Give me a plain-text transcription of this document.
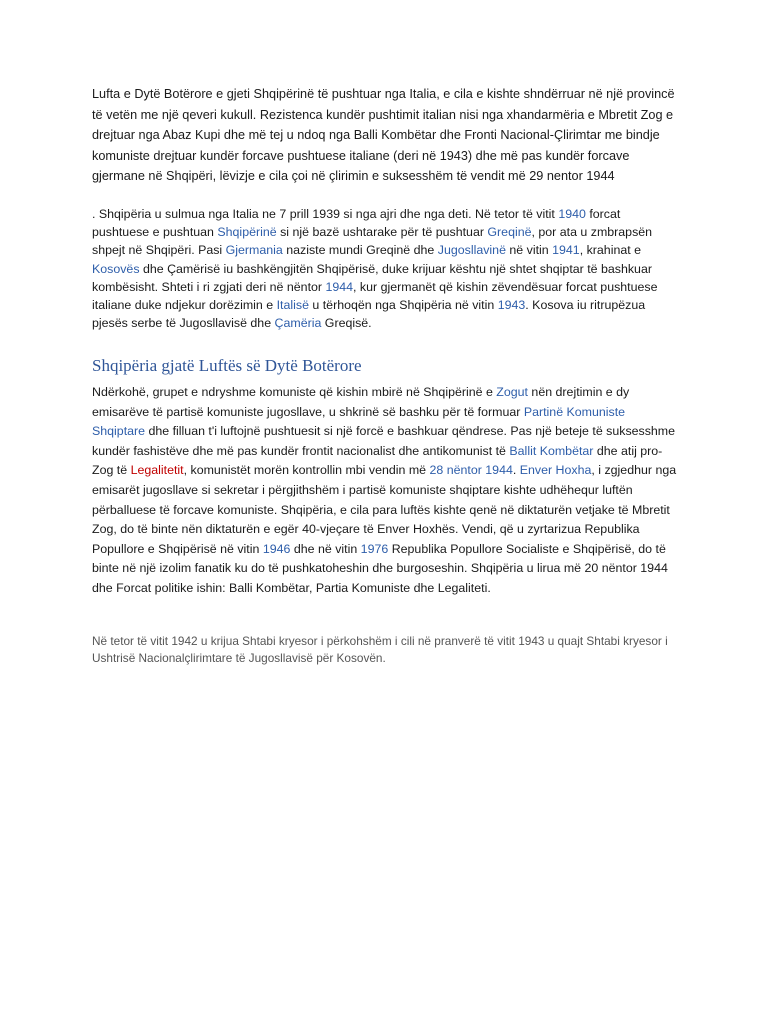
Lufta e Dytë Botërore e gjeti Shqipërinë të pushtuar nga Italia, e cila e kishte shndërruar në një provincë të vetën me një qeveri kukull. Rezistenca kundër pushtimit italian nisi nga xhandarmëria e Mbretit Zog e drejtuar nga Abaz Kupi dhe më tej u ndoq nga Balli Kombëtar dhe Fronti Nacional-Çlirimtar me bindje komuniste drejtuar kundër forcave pushtuese italiane (deri në 1943) dhe më pas kundër forcave gjermane në Shqipëri, lëvizje e cila çoi në çlirimin e suksesshëm të vendit më 29 nentor 1944

. Shqipëria u sulmua nga Italia ne 7 prill 1939 si nga ajri dhe nga deti. Në tetor të vitit 1940 forcat pushtuese e pushtuan Shqipërinë si një bazë ushtarake për të pushtuar Greqinë, por ata u zmbrapsën shpejt në Shqipëri. Pasi Gjermania naziste mundi Greqinë dhe Jugosllavinë në vitin 1941, krahinat e Kosovës dhe Çamërisë iu bashkëngjitën Shqipërisë, duke krijuar kështu një shtet shqiptar të bashkuar kombësisht. Shteti i ri zgjati deri në nëntor 1944, kur gjermanët që kishin zëvendësuar forcat pushtuese italiane duke ndjekur dorëzimin e Italisë u tërhoqën nga Shqipëria në vitin 1943. Kosova iu ritrupëzua pjesës serbe të Jugosllavisë dhe Çamëria Greqisë.

Shqipëria gjatë Luftës së Dytë Botërore

Ndërkohë, grupet e ndryshme komuniste që kishin mbirë në Shqipërinë e Zogut nën drejtimin e dy emisarëve të partisë komuniste jugosllave, u shkrinë së bashku për të formuar Partinë Komuniste Shqiptare dhe filluan t'i luftojnë pushtuesit si një forcë e bashkuar qëndrese. Pas një beteje të suksesshme kundër fashistëve dhe më pas kundër frontit nacionalist dhe antikomunist të Ballit Kombëtar dhe atij pro-Zog të Legalitetit, komunistët morën kontrollin mbi vendin më 28 nëntor 1944. Enver Hoxha, i zgjedhur nga emisarët jugosllave si sekretar i përgjithshëm i partisë komuniste shqiptare kishte udhëhequr luftën përballuese të forcave komuniste. Shqipëria, e cila para luftës kishte qenë në diktaturën vetjake të Mbretit Zog, do të binte nën diktaturën e egër 40-vjeçare të Enver Hoxhës. Vendi, që u zyrtarizua Republika Popullore e Shqipërisë në vitin 1946 dhe në vitin 1976 Republika Popullore Socialiste e Shqipërisë, do të binte në një izolim fanatik ku do të pushkatoheshin dhe burgoseshin. Shqipëria u lirua më 20 nëntor 1944 dhe Forcat politike ishin: Balli Kombëtar, Partia Komuniste dhe Legaliteti.

Në tetor të vitit 1942 u krijua Shtabi kryesor i përkohshëm i cili në pranverë të vitit 1943 u quajt Shtabi kryesor i Ushtrisë Nacionalçlirimtare të Jugosllavisë për Kosovën.
